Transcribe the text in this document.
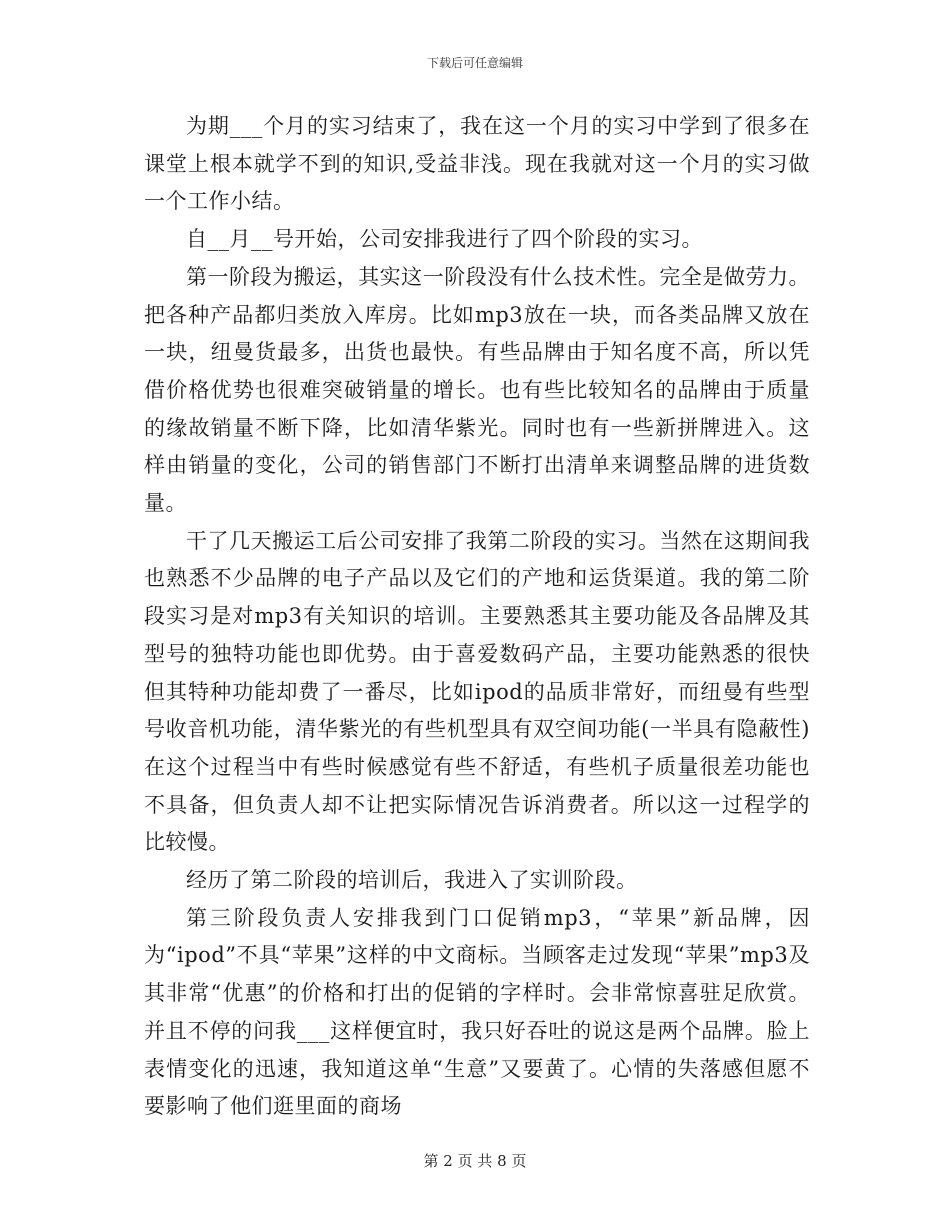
下载后可任意编辑

为期___个月的实习结束了，我在这一个月的实习中学到了很多在课堂上根本就学不到的知识,受益非浅。现在我就对这一个月的实习做一个工作小结。

自__月__号开始，公司安排我进行了四个阶段的实习。

第一阶段为搬运，其实这一阶段没有什么技术性。完全是做劳力。把各种产品都归类放入库房。比如mp3放在一块，而各类品牌又放在一块，纽曼货最多，出货也最快。有些品牌由于知名度不高，所以凭借价格优势也很难突破销量的增长。也有些比较知名的品牌由于质量的缘故销量不断下降，比如清华紫光。同时也有一些新拼牌进入。这样由销量的变化，公司的销售部门不断打出清单来调整品牌的进货数量。

干了几天搬运工后公司安排了我第二阶段的实习。当然在这期间我也熟悉不少品牌的电子产品以及它们的产地和运货渠道。我的第二阶段实习是对mp3有关知识的培训。主要熟悉其主要功能及各品牌及其型号的独特功能也即优势。由于喜爱数码产品，主要功能熟悉的很快但其特种功能却费了一番尽，比如ipod的品质非常好，而纽曼有些型号收音机功能，清华紫光的有些机型具有双空间功能(一半具有隐蔽性)在这个过程当中有些时候感觉有些不舒适，有些机子质量很差功能也不具备，但负责人却不让把实际情况告诉消费者。所以这一过程学的比较慢。

经历了第二阶段的培训后，我进入了实训阶段。

第三阶段负责人安排我到门口促销mp3，“苹果”新品牌，因为“ipod”不具“苹果”这样的中文商标。当顾客走过发现“苹果”mp3及其非常“优惠”的价格和打出的促销的字样时。会非常惊喜驻足欣赏。并且不停的问我___这样便宜时，我只好吞吐的说这是两个品牌。脸上表情变化的迅速，我知道这单“生意”又要黄了。心情的失落感但愿不要影响了他们逛里面的商场

第 2 页 共 8 页
